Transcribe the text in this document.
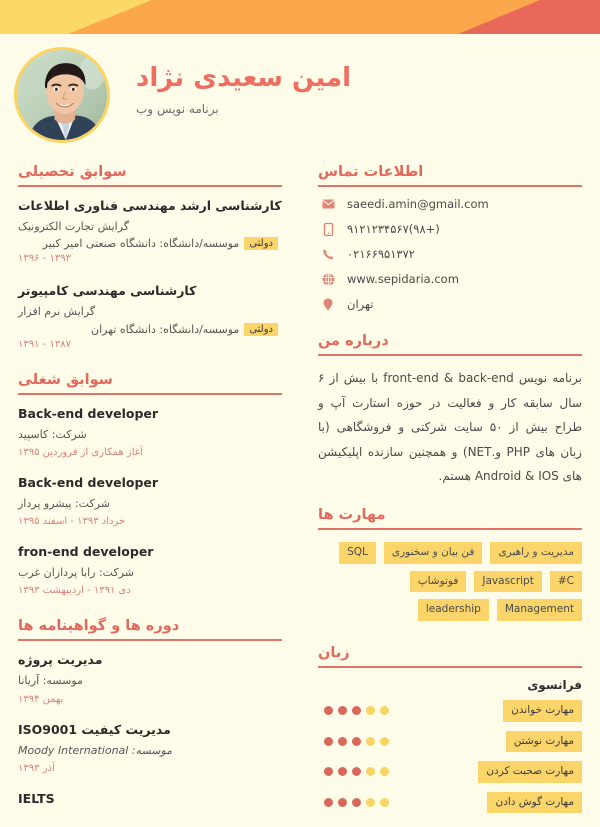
امین سعیدی نژاد
برنامه نویس وب
اطلاعات تماس
saeedi.amin@gmail.com
(+۹۸)۹۱۲۱۲۳۴۵۶۷
۰۲۱۶۶۹۵۱۳۷۲
www.sepidaria.com
تهران
درباره من
برنامه نویس front-end & back-end با بیش از ۶ سال سابقه کار و فعالیت در حوزه استارت آپ و طراح بیش از ۵۰ سایت شرکتی و فروشگاهی (با زبان های PHP و.NET) و همچنین سازنده اپلیکیشن های Android & IOS هستم.
مهارت ها
مدیریت و راهبری
فن بیان و سخنوری
SQL
C#
Javascript
فوتوشاپ
Management
leadership
زبان
فرانسوی
مهارت خواندن
مهارت نوشتن
مهارت صحبت کردن
مهارت گوش دادن
سوابق تحصیلی
کارشناسی ارشد مهندسی فناوری اطلاعات
گرایش تجارت الکترونیک
دولتی
موسسه/دانشگاه: دانشگاه صنعتی امیر کبیر
۱۳۹۳ - ۱۳۹۶
کارشناسی مهندسی کامپیوتر
گرایش نرم افزار
دولتی
موسسه/دانشگاه: دانشگاه تهران
۱۳۸۷ - ۱۳۹۱
سوابق شغلی
Back-end developer
شرکت: کاسپید
آغاز همکاری از فروردین ۱۳۹۵
Back-end developer
شرکت: پیشرو پرداز
خرداد ۱۳۹۳ - اسفند ۱۳۹۵
fron-end developer
شرکت: رابا پردازان غرب
دی ۱۳۹۱ - اردیبهشت ۱۳۹۳
دوره ها و گواهینامه ها
مدیریت پروژه
موسسه: آریانا
بهمن ۱۳۹۴
مدیریت کیفیت ISO9001
موسسه: Moody International
آذر ۱۳۹۳
IELTS
